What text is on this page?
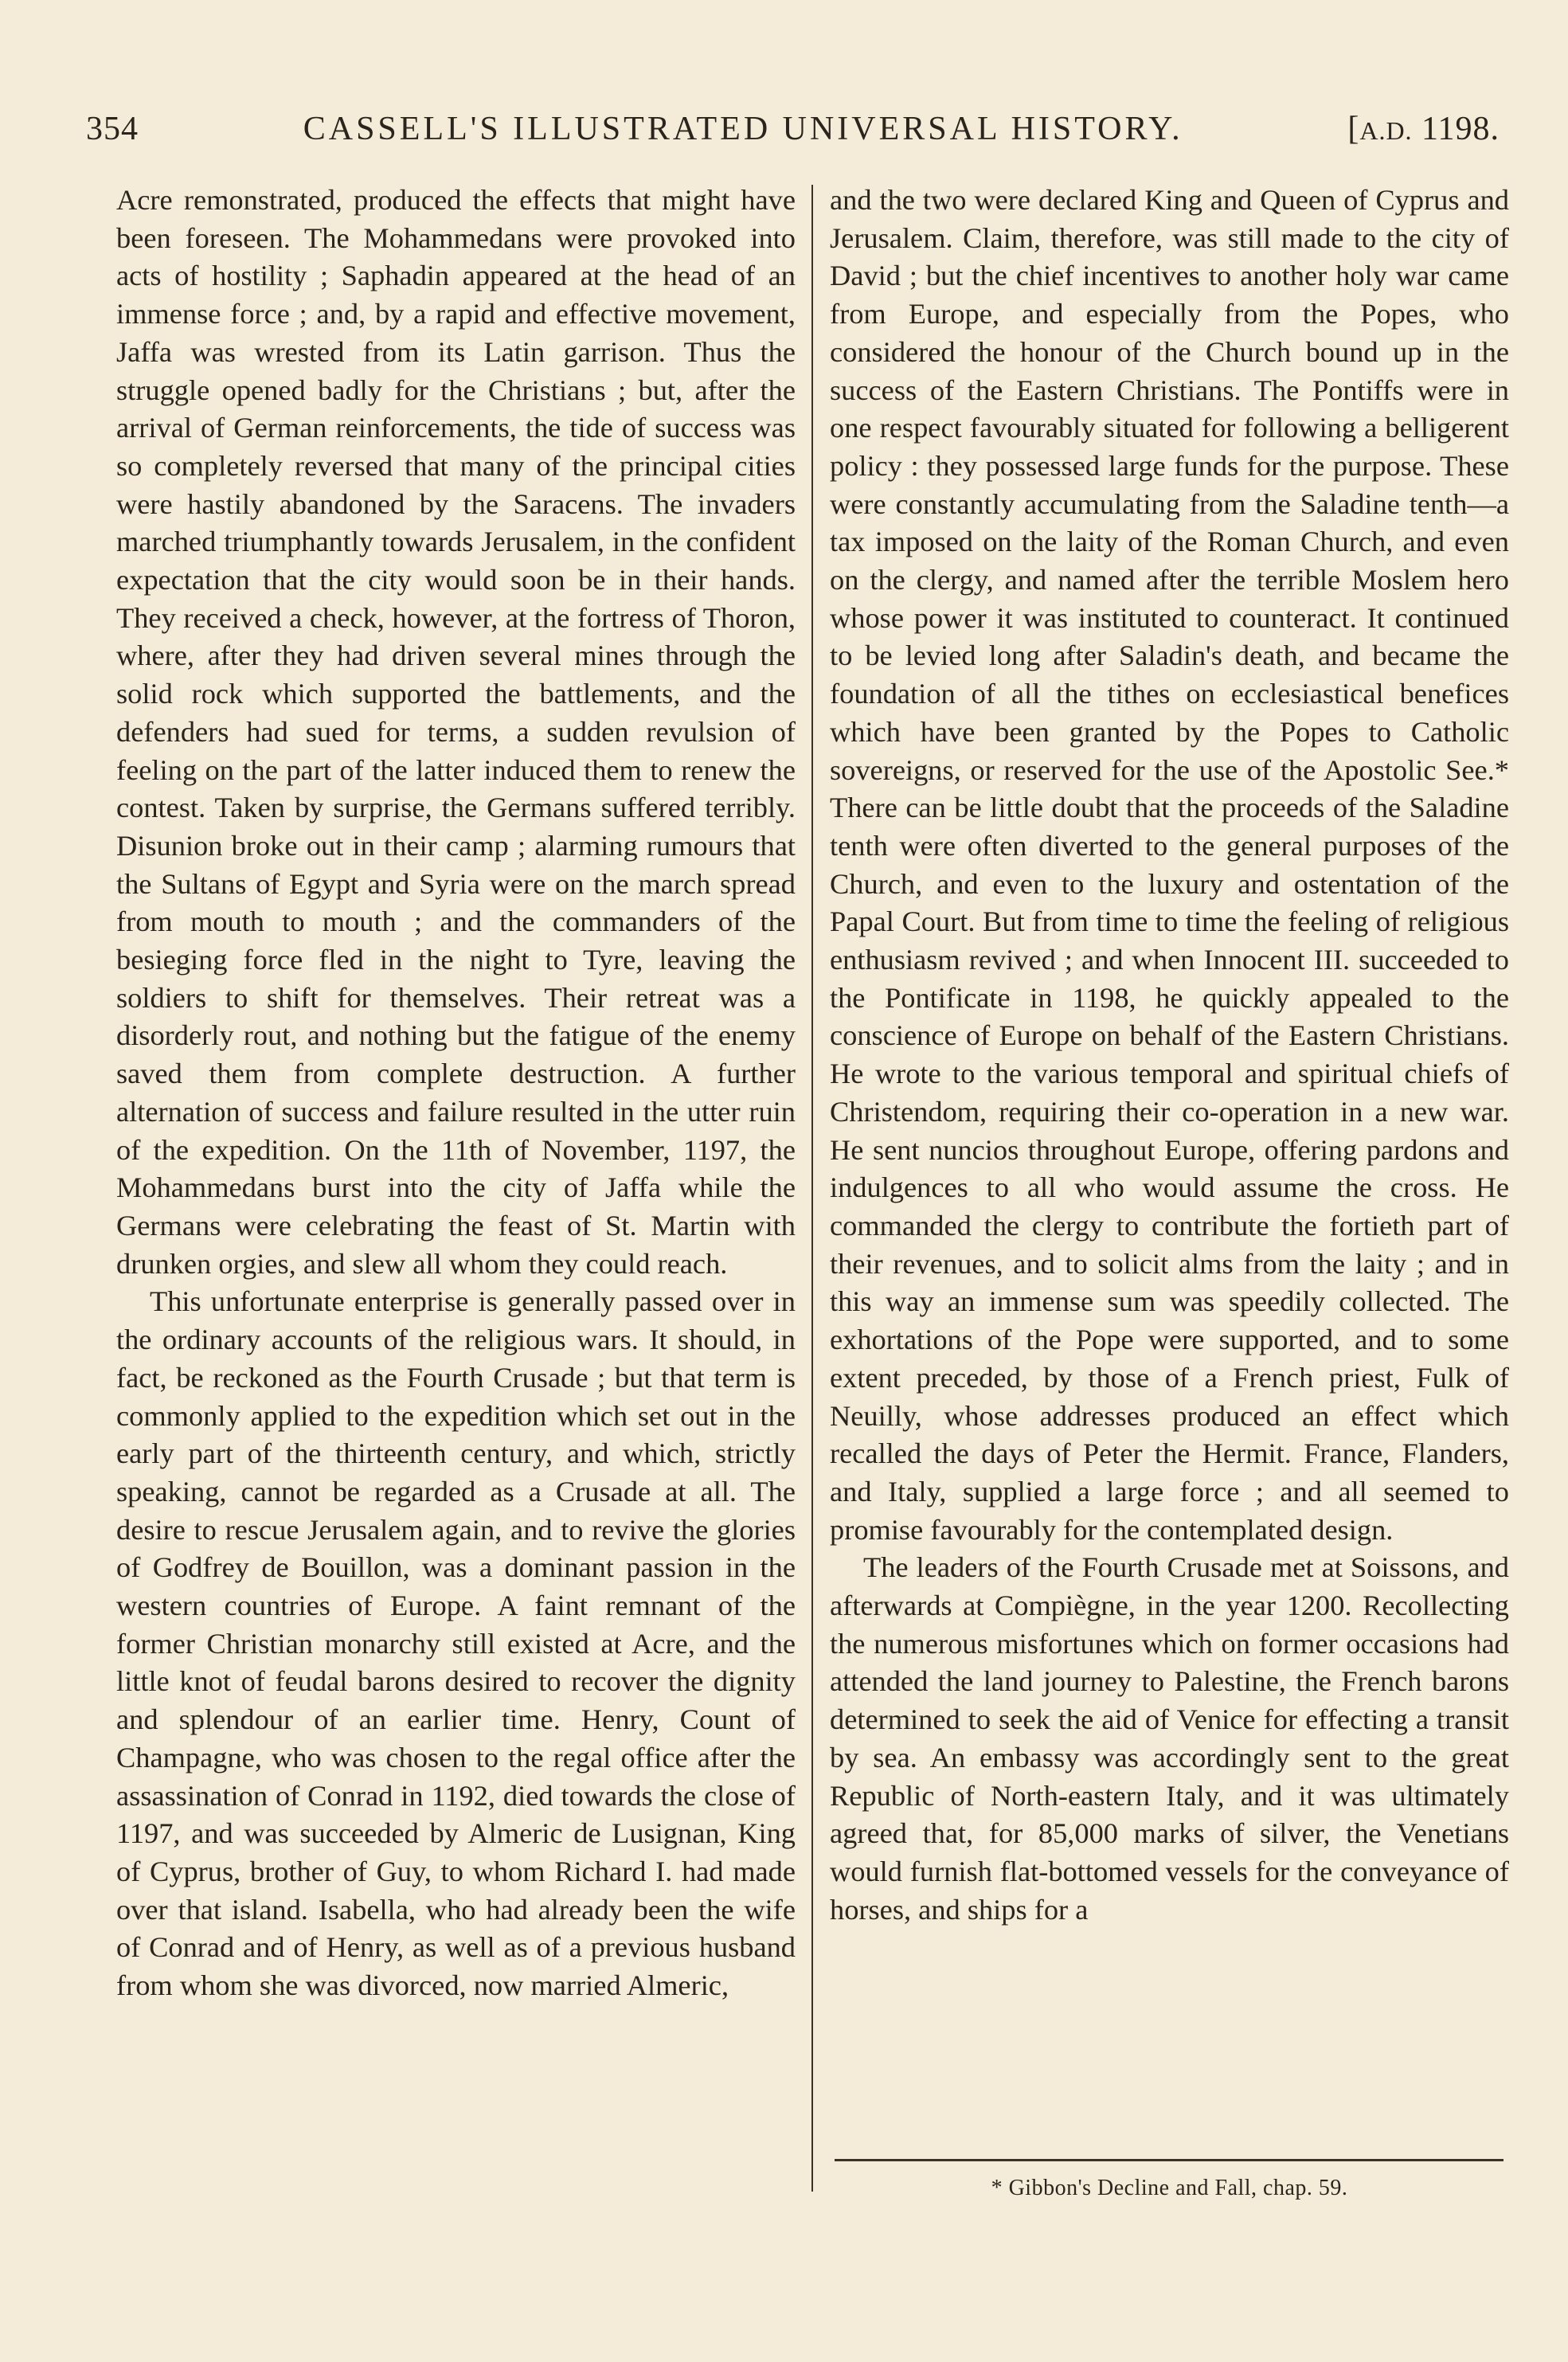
354	CASSELL'S ILLUSTRATED UNIVERSAL HISTORY.	[A.D. 1198.

Acre remonstrated, produced the effects that might have been foreseen. The Mohammedans were provoked into acts of hostility ; Saphadin appeared at the head of an immense force ; and, by a rapid and effective movement, Jaffa was wrested from its Latin garrison. Thus the struggle opened badly for the Christians ; but, after the arrival of German reinforcements, the tide of success was so completely reversed that many of the principal cities were hastily abandoned by the Saracens. The invaders marched triumphantly towards Jerusalem, in the confident expectation that the city would soon be in their hands. They received a check, however, at the fortress of Thoron, where, after they had driven several mines through the solid rock which supported the battlements, and the defenders had sued for terms, a sudden revulsion of feeling on the part of the latter induced them to renew the contest. Taken by surprise, the Germans suffered terribly. Disunion broke out in their camp ; alarming rumours that the Sultans of Egypt and Syria were on the march spread from mouth to mouth ; and the commanders of the besieging force fled in the night to Tyre, leaving the soldiers to shift for themselves. Their retreat was a disorderly rout, and nothing but the fatigue of the enemy saved them from complete destruction. A further alternation of success and failure resulted in the utter ruin of the expedition. On the 11th of November, 1197, the Mohammedans burst into the city of Jaffa while the Germans were celebrating the feast of St. Martin with drunken orgies, and slew all whom they could reach.

This unfortunate enterprise is generally passed over in the ordinary accounts of the religious wars. It should, in fact, be reckoned as the Fourth Crusade ; but that term is commonly applied to the expedition which set out in the early part of the thirteenth century, and which, strictly speaking, cannot be regarded as a Crusade at all. The desire to rescue Jerusalem again, and to revive the glories of Godfrey de Bouillon, was a dominant passion in the western countries of Europe. A faint remnant of the former Christian monarchy still existed at Acre, and the little knot of feudal barons desired to recover the dignity and splendour of an earlier time. Henry, Count of Champagne, who was chosen to the regal office after the assassination of Conrad in 1192, died towards the close of 1197, and was succeeded by Almeric de Lusignan, King of Cyprus, brother of Guy, to whom Richard I. had made over that island. Isabella, who had already been the wife of Conrad and of Henry, as well as of a previous husband from whom she was divorced, now married Almeric,

and the two were declared King and Queen of Cyprus and Jerusalem. Claim, therefore, was still made to the city of David ; but the chief incentives to another holy war came from Europe, and especially from the Popes, who considered the honour of the Church bound up in the success of the Eastern Christians. The Pontiffs were in one respect favourably situated for following a belligerent policy : they possessed large funds for the purpose. These were constantly accumulating from the Saladine tenth—a tax imposed on the laity of the Roman Church, and even on the clergy, and named after the terrible Moslem hero whose power it was instituted to counteract. It continued to be levied long after Saladin's death, and became the foundation of all the tithes on ecclesiastical benefices which have been granted by the Popes to Catholic sovereigns, or reserved for the use of the Apostolic See.* There can be little doubt that the proceeds of the Saladine tenth were often diverted to the general purposes of the Church, and even to the luxury and ostentation of the Papal Court. But from time to time the feeling of religious enthusiasm revived ; and when Innocent III. succeeded to the Pontificate in 1198, he quickly appealed to the conscience of Europe on behalf of the Eastern Christians. He wrote to the various temporal and spiritual chiefs of Christendom, requiring their co-operation in a new war. He sent nuncios throughout Europe, offering pardons and indulgences to all who would assume the cross. He commanded the clergy to contribute the fortieth part of their revenues, and to solicit alms from the laity ; and in this way an immense sum was speedily collected. The exhortations of the Pope were supported, and to some extent preceded, by those of a French priest, Fulk of Neuilly, whose addresses produced an effect which recalled the days of Peter the Hermit. France, Flanders, and Italy, supplied a large force ; and all seemed to promise favourably for the contemplated design.

The leaders of the Fourth Crusade met at Soissons, and afterwards at Compiègne, in the year 1200. Recollecting the numerous misfortunes which on former occasions had attended the land journey to Palestine, the French barons determined to seek the aid of Venice for effecting a transit by sea. An embassy was accordingly sent to the great Republic of North-eastern Italy, and it was ultimately agreed that, for 85,000 marks of silver, the Venetians would furnish flat-bottomed vessels for the conveyance of horses, and ships for a

* Gibbon's Decline and Fall, chap. 59.
